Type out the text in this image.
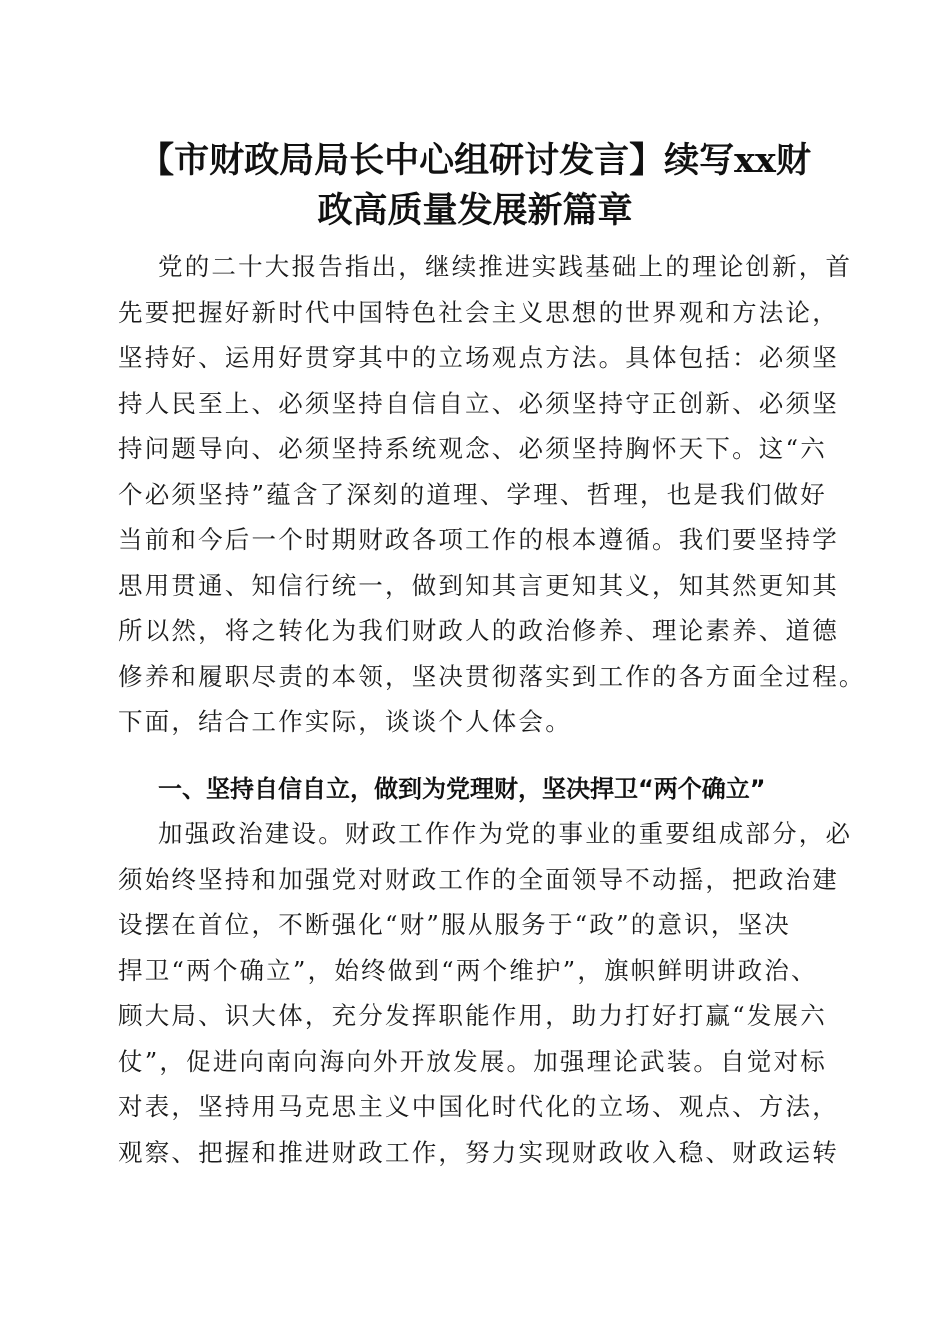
【市财政局局长中心组研讨发言】续写xx财
政高质量发展新篇章
党的二十大报告指出，继续推进实践基础上的理论创新，首
先要把握好新时代中国特色社会主义思想的世界观和方法论，
坚持好、运用好贯穿其中的立场观点方法。具体包括：必须坚
持人民至上、必须坚持自信自立、必须坚持守正创新、必须坚
持问题导向、必须坚持系统观念、必须坚持胸怀天下。这“六
个必须坚持”蕴含了深刻的道理、学理、哲理，也是我们做好
当前和今后一个时期财政各项工作的根本遵循。我们要坚持学
思用贯通、知信行统一，做到知其言更知其义，知其然更知其
所以然，将之转化为我们财政人的政治修养、理论素养、道德
修养和履职尽责的本领，坚决贯彻落实到工作的各方面全过程。
下面，结合工作实际，谈谈个人体会。
一、坚持自信自立，做到为党理财，坚决捍卫“两个确立”
加强政治建设。财政工作作为党的事业的重要组成部分，必
须始终坚持和加强党对财政工作的全面领导不动摇，把政治建
设摆在首位，不断强化“财”服从服务于“政”的意识，坚决
捍卫“两个确立”，始终做到“两个维护”，旗帜鲜明讲政治、
顾大局、识大体，充分发挥职能作用，助力打好打赢“发展六
仗”，促进向南向海向外开放发展。加强理论武装。自觉对标
对表，坚持用马克思主义中国化时代化的立场、观点、方法，
观察、把握和推进财政工作，努力实现财政收入稳、财政运转
